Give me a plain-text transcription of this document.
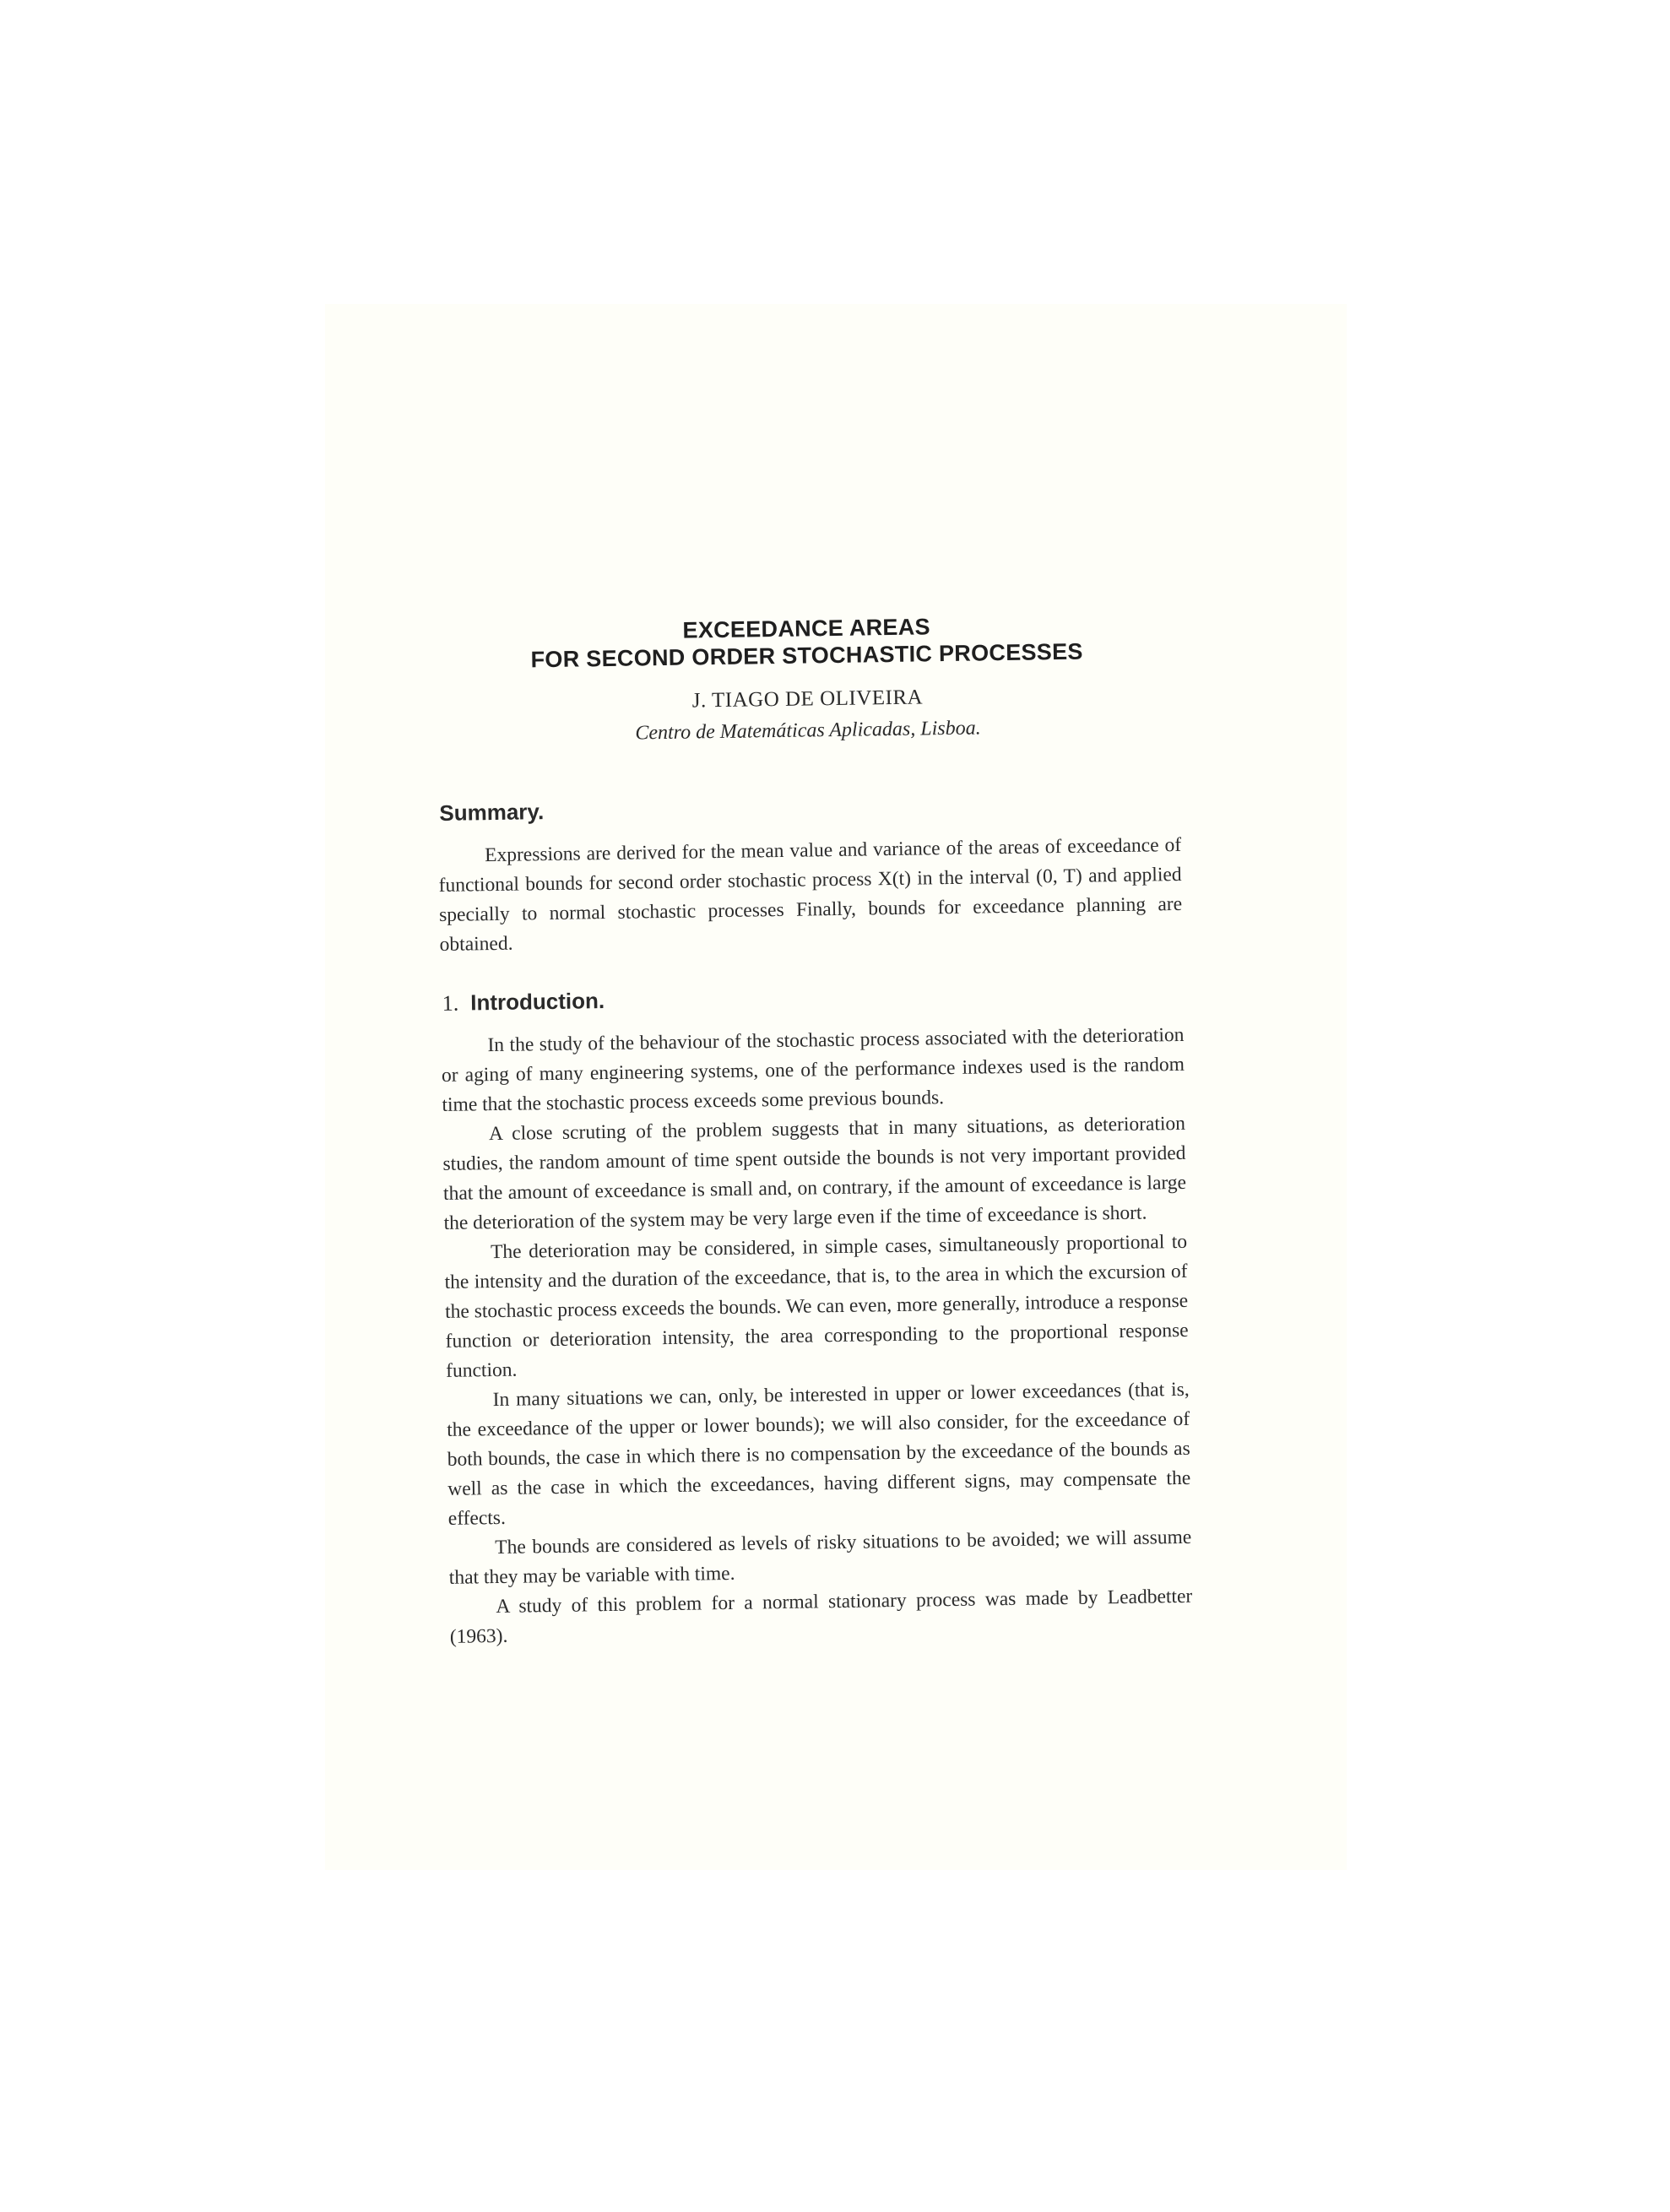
EXCEEDANCE AREAS
FOR SECOND ORDER STOCHASTIC PROCESSES
J. TIAGO DE OLIVEIRA
Centro de Matemáticas Aplicadas, Lisboa.
Summary.

Expressions are derived for the mean value and variance of the areas of exceedance of functional bounds for second order stochastic process X(t) in the interval (0, T) and applied specially to normal stochastic processes Finally, bounds for exceedance planning are obtained.

1. Introduction.

In the study of the behaviour of the stochastic process associated with the deterioration or aging of many engineering systems, one of the performance indexes used is the random time that the stochastic process exceeds some previous bounds.

A close scruting of the problem suggests that in many situations, as deterioration studies, the random amount of time spent outside the bounds is not very important provided that the amount of exceedance is small and, on contrary, if the amount of exceedance is large the deterioration of the system may be very large even if the time of exceedance is short.

The deterioration may be considered, in simple cases, simultaneously proportional to the intensity and the duration of the exceedance, that is, to the area in which the excursion of the stochastic process exceeds the bounds. We can even, more generally, introduce a response function or deterioration intensity, the area corresponding to the proportional response function.

In many situations we can, only, be interested in upper or lower exceedances (that is, the exceedance of the upper or lower bounds); we will also consider, for the exceedance of both bounds, the case in which there is no compensation by the exceedance of the bounds as well as the case in which the exceedances, having different signs, may compensate the effects.

The bounds are considered as levels of risky situations to be avoided; we will assume that they may be variable with time.

A study of this problem for a normal stationary process was made by Leadbetter (1963).
